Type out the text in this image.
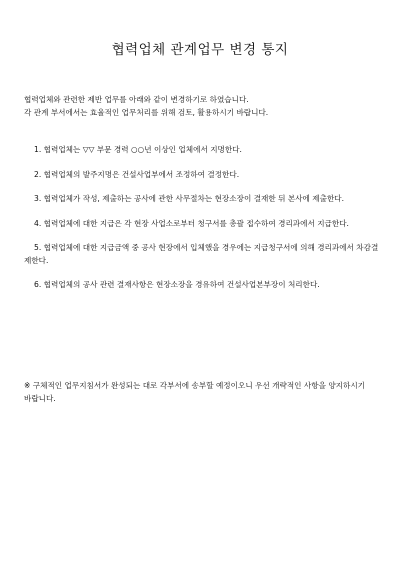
협력업체 관계업무 변경 통지

협력업체와 관련한 제반 업무를 아래와 같이 변경하기로 하였습니다.

각 관계 부서에서는 효율적인 업무처리를 위해 검토, 활용하시기 바랍니다.

1. 협력업체는 ▽▽ 부문 경력 ○○년 이상인 업체에서 지명한다.

2. 협력업체의 발주지명은 건설사업부에서 조정하여 결정한다.

3. 협력업체가 작성, 제출하는 공사에 관한 사무절차는 현장소장이 결재한 뒤 본사에 제출한다.

4. 협력업체에 대한 지급은 각 현장 사업소로부터 청구서를 총괄 접수하여 경리과에서 지급한다.

5. 협력업체에 대한 지급금액 중 공사 현장에서 입체했을 경우에는 지급청구서에 의해 경리과에서 차감결제한다.

6. 협력업체의 공사 관련 결재사항은 현장소장을 경유하여 건설사업본부장이 처리한다.

※ 구체적인 업무지침서가 완성되는 대로 각부서에 송부할 예정이오니 우선 개략적인 사항을 양지하시기 바랍니다.
